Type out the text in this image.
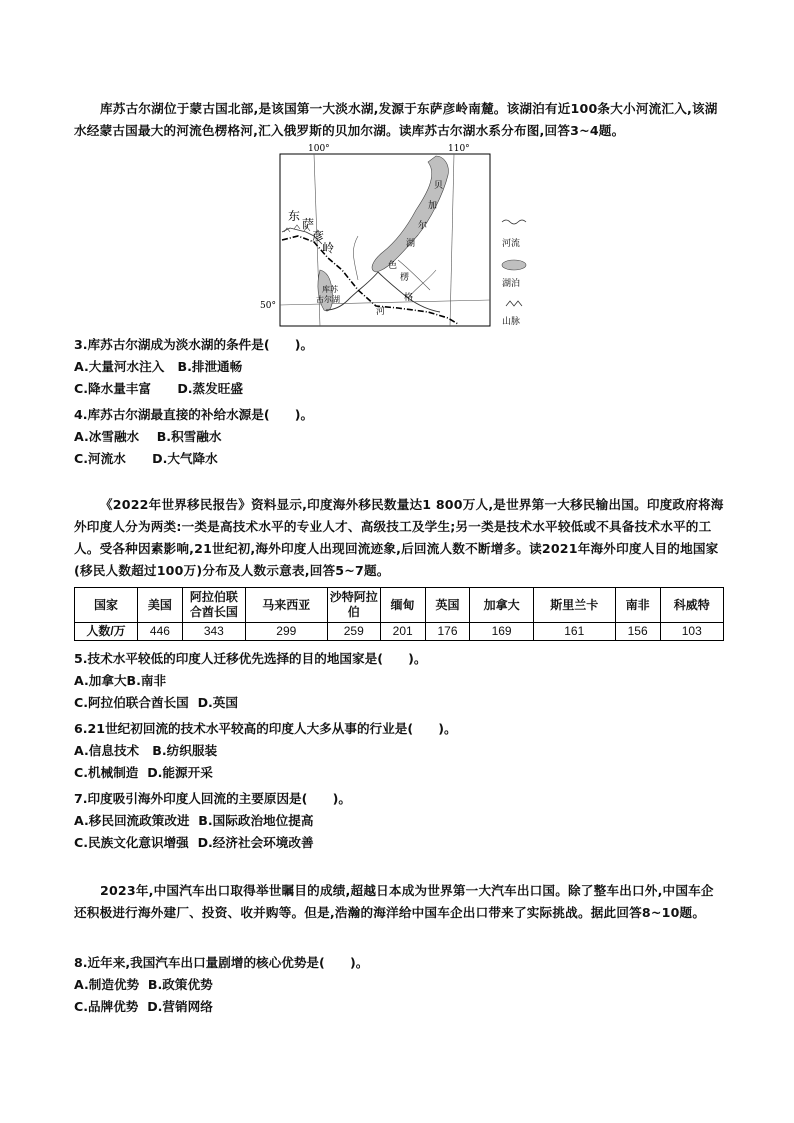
库苏古尔湖位于蒙古国北部,是该国第一大淡水湖,发源于东萨彦岭南麓。该湖泊有近100条大小河流汇入,该湖水经蒙古国最大的河流色楞格河,汇入俄罗斯的贝加尔湖。读库苏古尔湖水系分布图,回答3~4题。
100°	110°
50°
贝
加
尔
湖
库苏
古尔湖
色
楞
格
河
东
萨
彦
岭	河流
湖泊
山脉
3.库苏古尔湖成为淡水湖的条件是(　　)。
A.大量河水注入 B.排泄通畅
C.降水量丰富 D.蒸发旺盛
4.库苏古尔湖最直接的补给水源是(　　)。
A.冰雪融水 B.积雪融水
C.河流水 D.大气降水
《2022年世界移民报告》资料显示,印度海外移民数量达1 800万人,是世界第一大移民输出国。印度政府将海外印度人分为两类:一类是高技术水平的专业人才、高级技工及学生;另一类是技术水平较低或不具备技术水平的工人。受各种因素影响,21世纪初,海外印度人出现回流迹象,后回流人数不断增多。读2021年海外印度人目的地国家(移民人数超过100万)分布及人数示意表,回答5~7题。
国家	美国	阿拉伯联合酋长国	马来西亚	沙特阿拉伯	缅甸	英国	加拿大	斯里兰卡	南非	科威特
人数/万	446	343	299	259	201	176	169	161	156	103
5.技术水平较低的印度人迁移优先选择的目的地国家是(　　)。
A.加拿大B.南非
C.阿拉伯联合酋长国 D.英国
6.21世纪初回流的技术水平较高的印度人大多从事的行业是(　　)。
A.信息技术 B.纺织服装
C.机械制造 D.能源开采
7.印度吸引海外印度人回流的主要原因是(　　)。
A.移民回流政策改进 B.国际政治地位提高
C.民族文化意识增强 D.经济社会环境改善
2023年,中国汽车出口取得举世瞩目的成绩,超越日本成为世界第一大汽车出口国。除了整车出口外,中国车企还积极进行海外建厂、投资、收并购等。但是,浩瀚的海洋给中国车企出口带来了实际挑战。据此回答8~10题。
8.近年来,我国汽车出口量剧增的核心优势是(　　)。
A.制造优势 B.政策优势
C.品牌优势 D.营销网络
